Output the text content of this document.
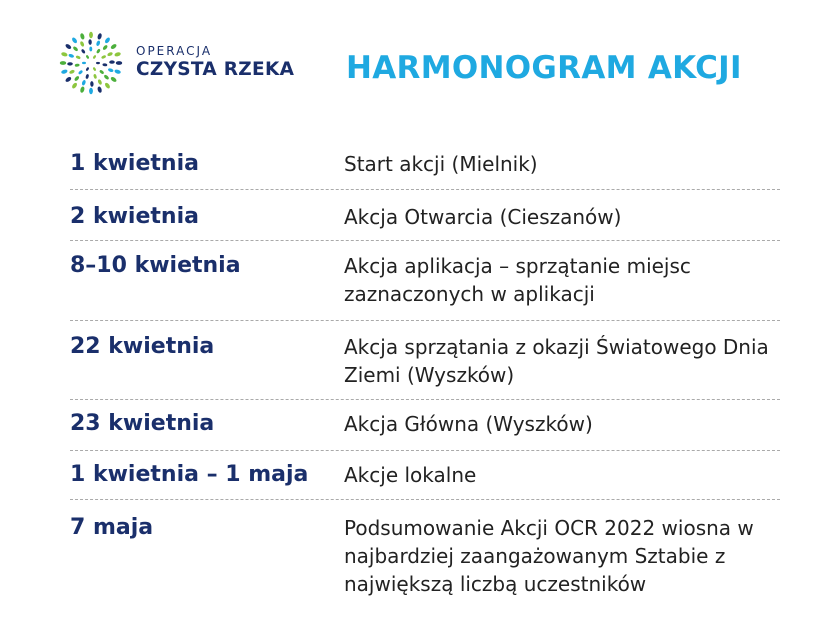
OPERACJA
CZYSTA RZEKA HARMONOGRAM AKCJI
1 kwietnia	Start akcji (Mielnik)
2 kwietnia	Akcja Otwarcia (Cieszanów)
8–10 kwietnia	Akcja aplikacja – sprzątanie miejsc zaznaczonych w aplikacji
22 kwietnia	Akcja sprzątania z okazji Światowego Dnia Ziemi (Wyszków)
23 kwietnia	Akcja Główna (Wyszków)
1 kwietnia – 1 maja	Akcje lokalne
7 maja	Podsumowanie Akcji OCR 2022 wiosna w najbardziej zaangażowanym Sztabie z największą liczbą uczestników
